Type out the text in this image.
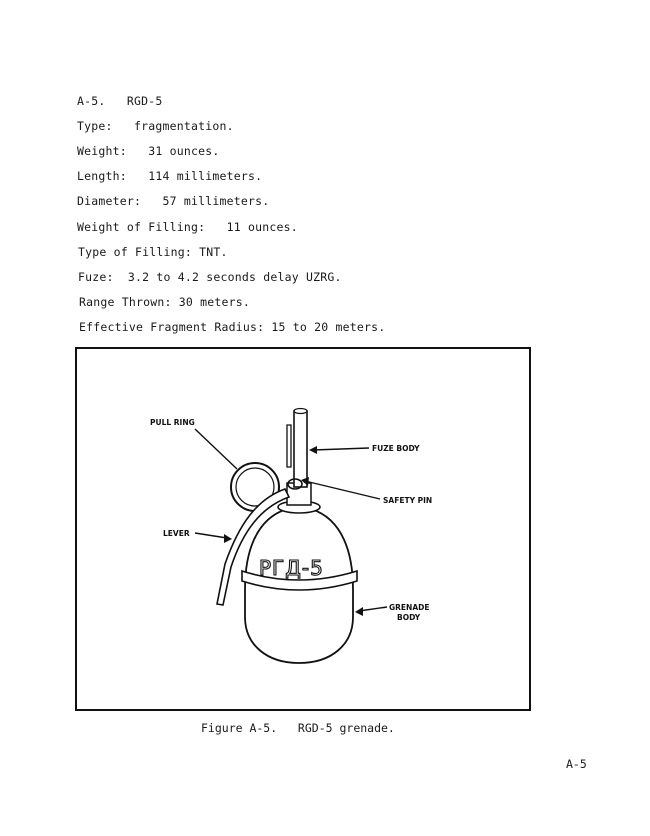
A-5.   RGD-5
Type:   fragmentation.
Weight:   31 ounces.
Length:   114 millimeters.
Diameter:   57 millimeters.
Weight of Filling:   11 ounces.
Type of Filling: TNT.
Fuze:  3.2 to 4.2 seconds delay UZRG.
Range Thrown: 30 meters.
Effective Fragment Radius: 15 to 20 meters.
PГД-5
PULL RING
FUZE BODY
SAFETY PIN
LEVER
GRENADE
BODY
Figure A-5.   RGD-5 grenade.
A-5
